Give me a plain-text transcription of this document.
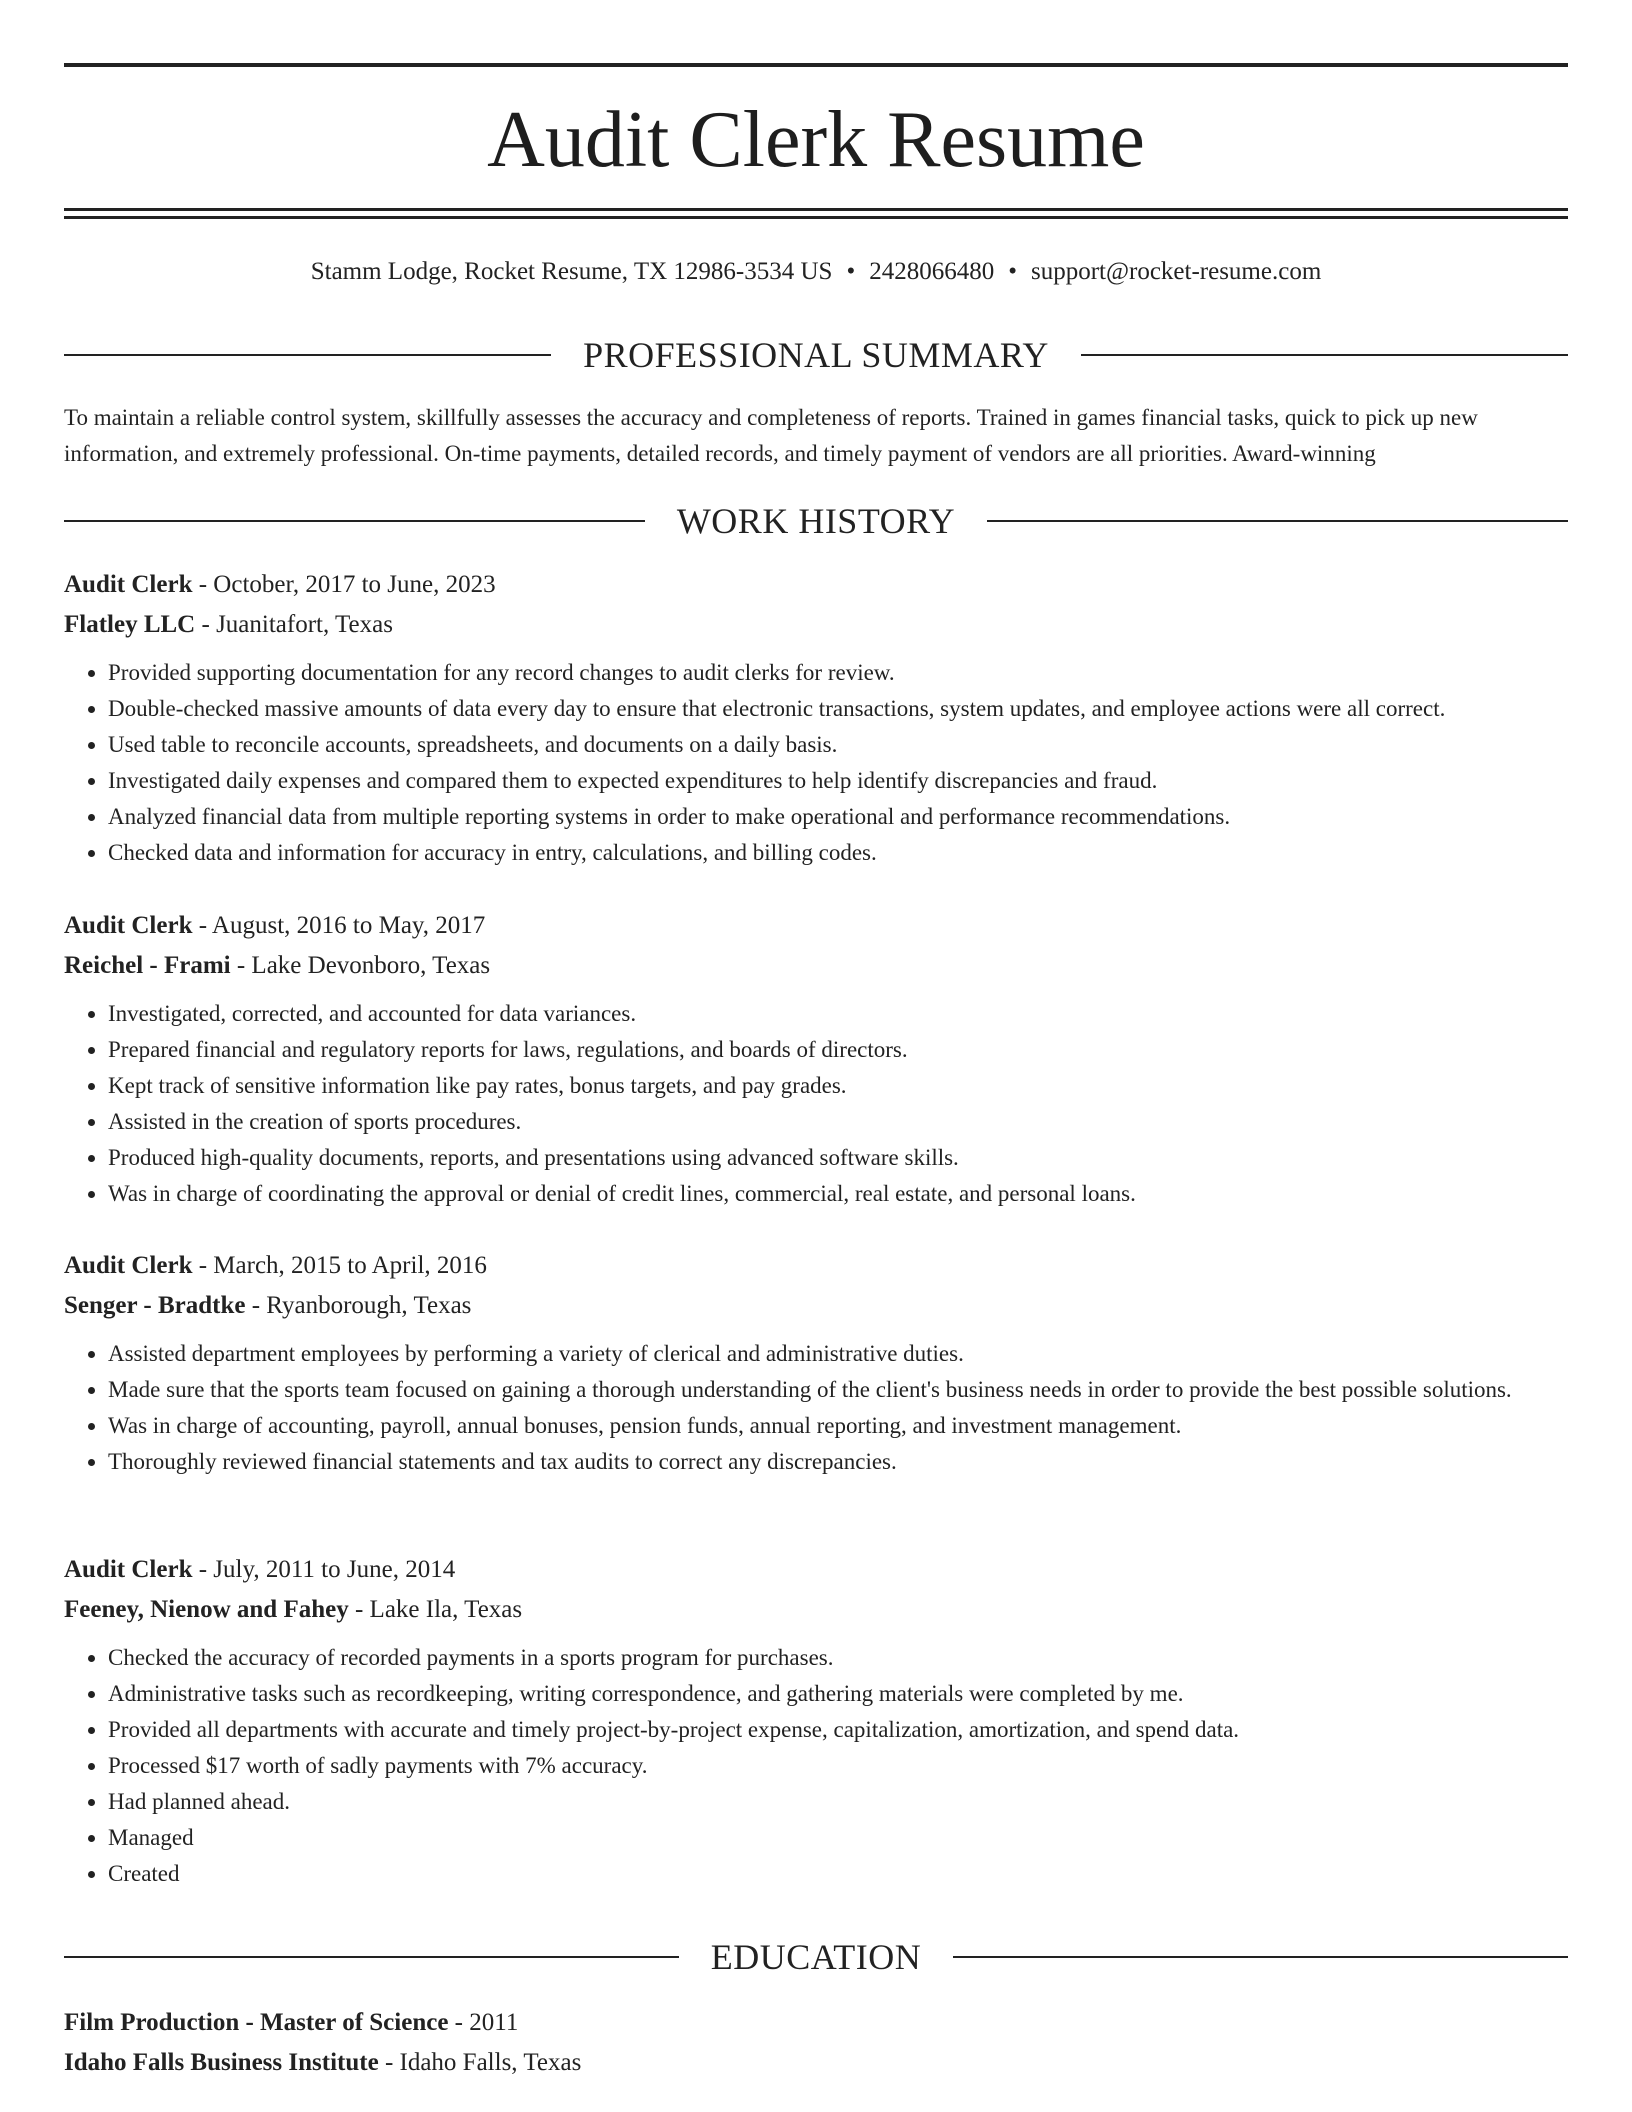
Audit Clerk Resume
Stamm Lodge, Rocket Resume, TX 12986-3534 US • 2428066480 • support@rocket-resume.com
PROFESSIONAL SUMMARY

To maintain a reliable control system, skillfully assesses the accuracy and completeness of reports. Trained in games financial tasks, quick to pick up new information, and extremely professional. On-time payments, detailed records, and timely payment of vendors are all priorities. Award-winning

WORK HISTORY
Audit Clerk - October, 2017 to June, 2023
Flatley LLC - Juanitafort, Texas
• Provided supporting documentation for any record changes to audit clerks for review.
• Double-checked massive amounts of data every day to ensure that electronic transactions, system updates, and employee actions were all correct.
• Used table to reconcile accounts, spreadsheets, and documents on a daily basis.
• Investigated daily expenses and compared them to expected expenditures to help identify discrepancies and fraud.
• Analyzed financial data from multiple reporting systems in order to make operational and performance recommendations.
• Checked data and information for accuracy in entry, calculations, and billing codes.
Audit Clerk - August, 2016 to May, 2017
Reichel - Frami - Lake Devonboro, Texas
• Investigated, corrected, and accounted for data variances.
• Prepared financial and regulatory reports for laws, regulations, and boards of directors.
• Kept track of sensitive information like pay rates, bonus targets, and pay grades.
• Assisted in the creation of sports procedures.
• Produced high-quality documents, reports, and presentations using advanced software skills.
• Was in charge of coordinating the approval or denial of credit lines, commercial, real estate, and personal loans.
Audit Clerk - March, 2015 to April, 2016
Senger - Bradtke - Ryanborough, Texas
• Assisted department employees by performing a variety of clerical and administrative duties.
• Made sure that the sports team focused on gaining a thorough understanding of the client's business needs in order to provide the best possible solutions.
• Was in charge of accounting, payroll, annual bonuses, pension funds, annual reporting, and investment management.
• Thoroughly reviewed financial statements and tax audits to correct any discrepancies.
Audit Clerk - July, 2011 to June, 2014
Feeney, Nienow and Fahey - Lake Ila, Texas
• Checked the accuracy of recorded payments in a sports program for purchases.
• Administrative tasks such as recordkeeping, writing correspondence, and gathering materials were completed by me.
• Provided all departments with accurate and timely project-by-project expense, capitalization, amortization, and spend data.
• Processed $17 worth of sadly payments with 7% accuracy.
• Had planned ahead.
• Managed
• Created
EDUCATION
Film Production - Master of Science - 2011
Idaho Falls Business Institute - Idaho Falls, Texas
